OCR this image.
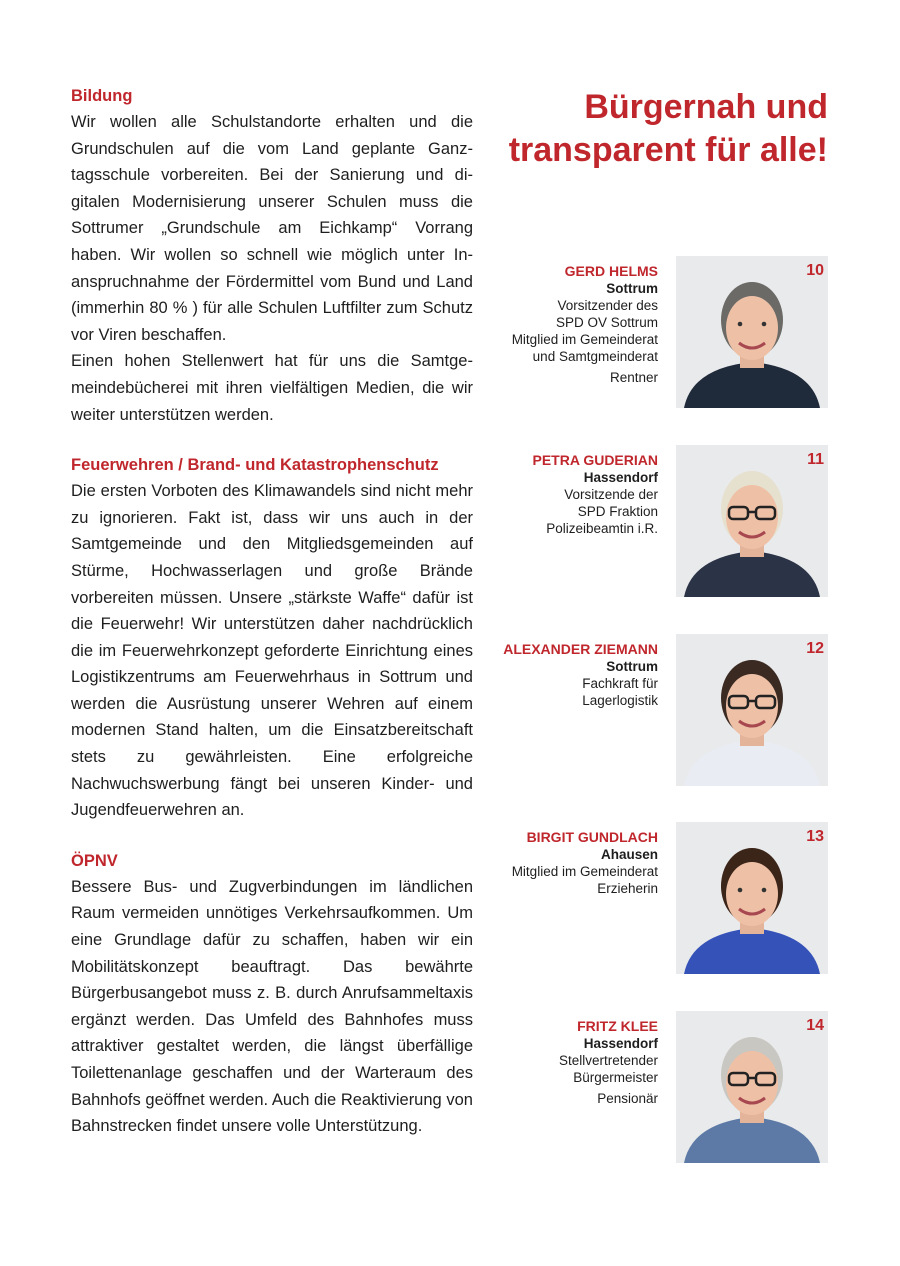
Bildung

Wir wollen alle Schulstandorte erhalten und die Grundschulen auf die vom Land geplante Ganztagsschule vorbereiten. Bei der Sanierung und digitalen Modernisierung unserer Schulen muss die Sottrumer „Grundschule am Eichkamp“ Vorrang haben. Wir wollen so schnell wie möglich unter Inanspruchnahme der Fördermittel vom Bund und Land (immerhin 80 % ) für alle Schulen Luftfilter zum Schutz vor Viren beschaffen.

Einen hohen Stellenwert hat für uns die Samtgemeindebücherei mit ihren vielfältigen Medien, die wir weiter unterstützen werden.

Feuerwehren / Brand- und Katastrophenschutz

Die ersten Vorboten des Klimawandels sind nicht mehr zu ignorieren. Fakt ist, dass wir uns auch in der Samtgemeinde und den Mitgliedsgemeinden auf Stürme, Hochwasserlagen und große Brände vorbereiten müssen. Unsere „stärkste Waffe“ dafür ist die Feuerwehr! Wir unterstützen daher nachdrücklich die im Feuerwehrkonzept geforderte Einrichtung eines Logistikzentrums am Feuerwehrhaus in Sottrum und werden die Ausrüstung unserer Wehren auf einem modernen Stand halten, um die Einsatzbereitschaft stets zu gewährleisten. Eine erfolgreiche Nachwuchswerbung fängt bei unseren Kinder- und Jugendfeuerwehren an.

ÖPNV

Bessere Bus- und Zugverbindungen im ländlichen Raum vermeiden unnötiges Verkehrsaufkommen. Um eine Grundlage dafür zu schaffen, haben wir ein Mobilitätskonzept beauftragt. Das bewährte Bürgerbusangebot muss z. B. durch Anrufsammeltaxis ergänzt werden. Das Umfeld des Bahnhofes muss attraktiver gestaltet werden, die längst überfällige Toilettenanlage geschaffen und der Warteraum des Bahnhofs geöffnet werden. Auch die Reaktivierung von Bahnstrecken findet unsere volle Unterstützung.

Bürgernah und
transparent für alle!
GERD HELMS
Sottrum
Vorsitzender des
SPD OV Sottrum
Mitglied im Gemeinderat
und Samtgmeinderat
Rentner
10
PETRA GUDERIAN
Hassendorf
Vorsitzende der
SPD Fraktion
Polizeibeamtin i.R.
11
ALEXANDER ZIEMANN
Sottrum
Fachkraft für
Lagerlogistik
12
BIRGIT GUNDLACH
Ahausen
Mitglied im Gemeinderat
Erzieherin
13
FRITZ KLEE
Hassendorf
Stellvertretender
Bürgermeister
Pensionär
14
